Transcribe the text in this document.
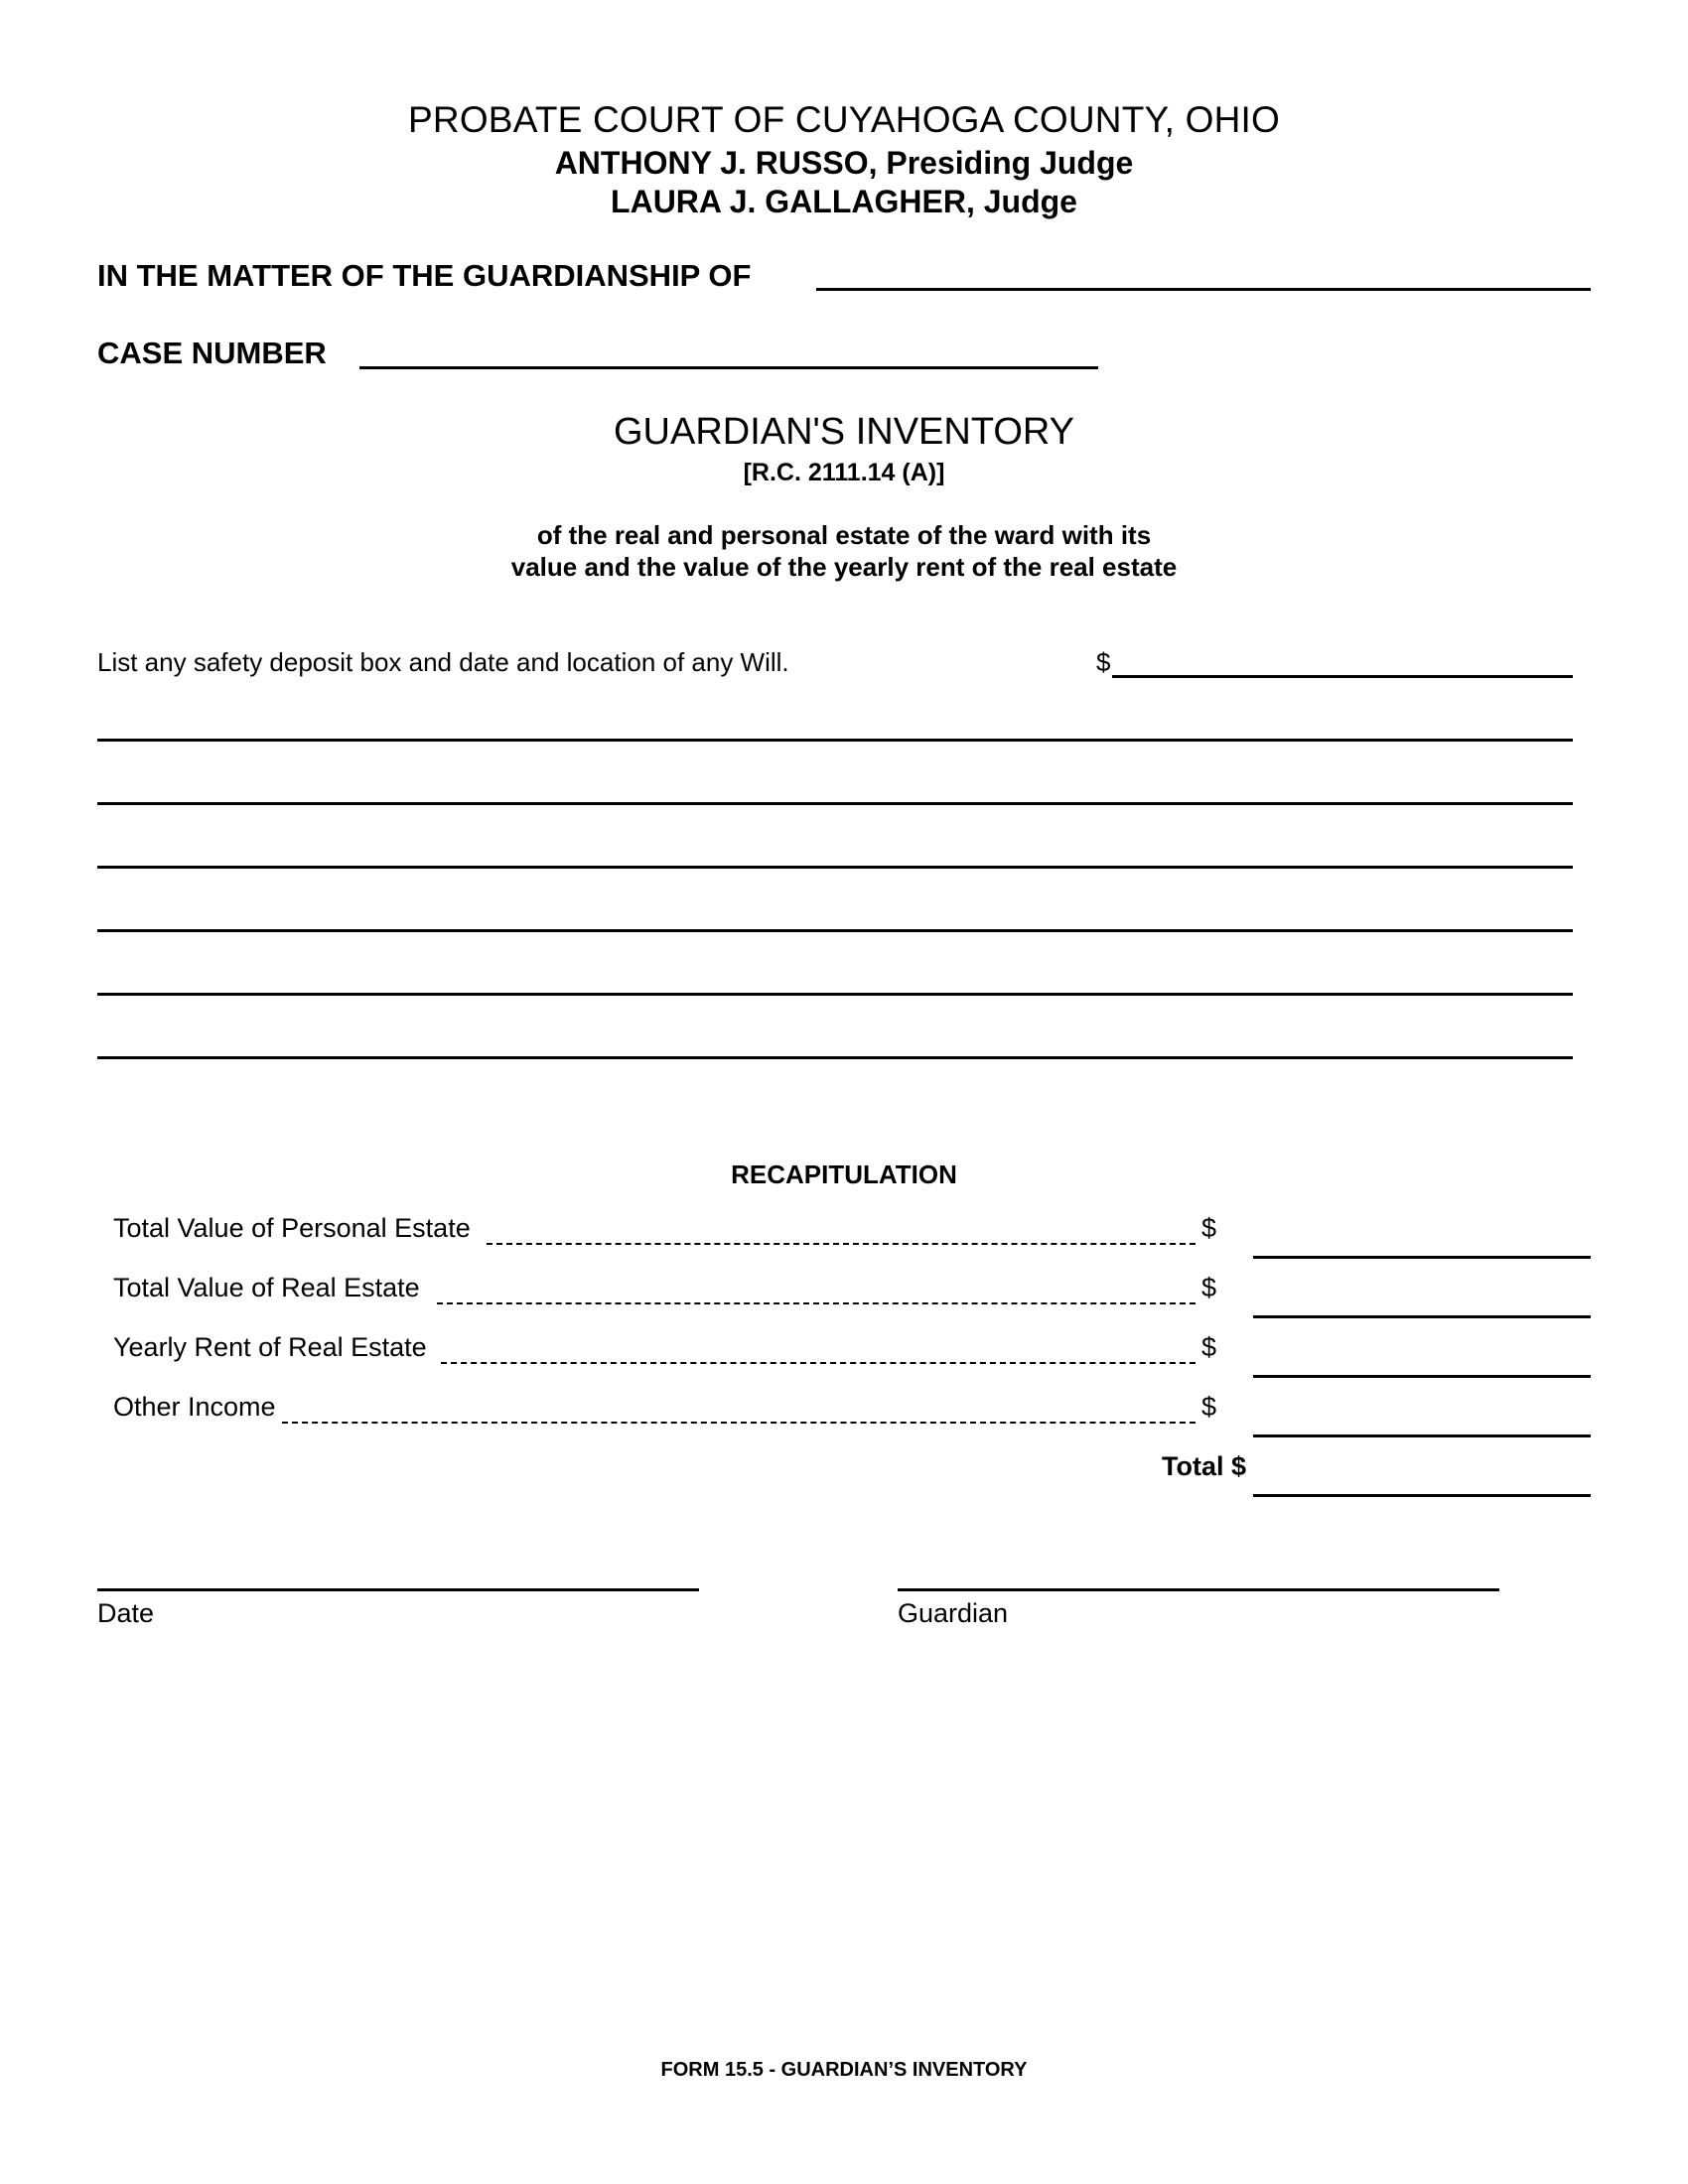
PROBATE COURT OF CUYAHOGA COUNTY, OHIO
ANTHONY J. RUSSO, Presiding Judge
LAURA J. GALLAGHER, Judge
IN THE MATTER OF THE GUARDIANSHIP OF
CASE NUMBER
GUARDIAN'S INVENTORY
[R.C. 2111.14 (A)]
of the real and personal estate of the ward with its
value and the value of the yearly rent of the real estate
List any safety deposit box and date and location of any Will.	$
RECAPITULATION
Total Value of Personal Estate	$
Total Value of Real Estate	$
Yearly Rent of Real Estate	$
Other Income	$
Total $
Date	Guardian
FORM 15.5 - GUARDIAN’S INVENTORY
